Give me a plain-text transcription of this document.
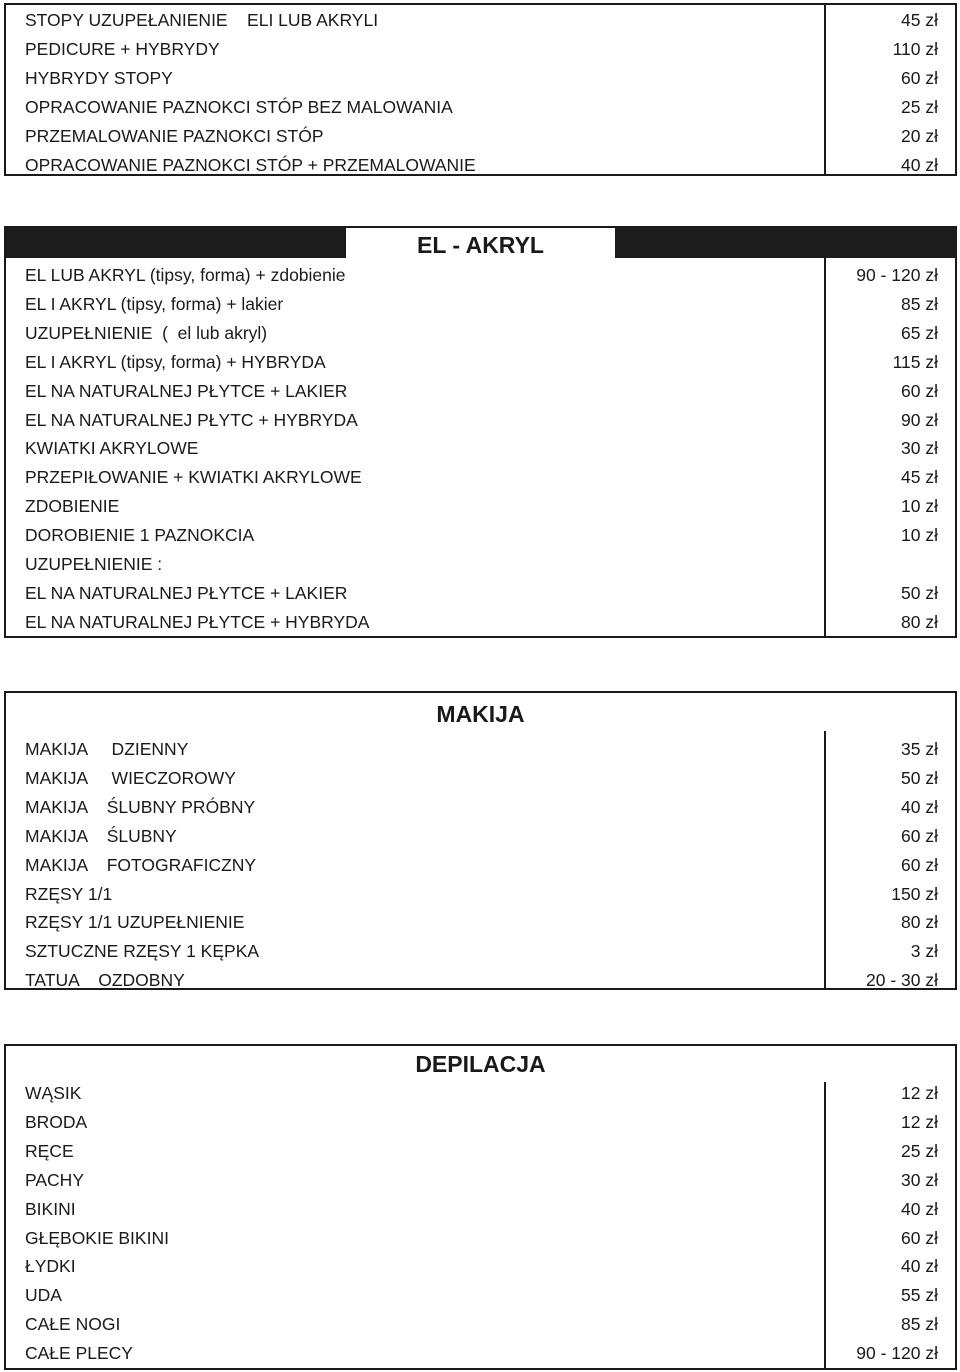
STOPY UZUPEŁANIENIE    ELI LUB AKRYLI	45 zł
PEDICURE + HYBRYDY	110 zł
HYBRYDY STOPY	60 zł
OPRACOWANIE PAZNOKCI STÓP BEZ MALOWANIA	25 zł
PRZEMALOWANIE PAZNOKCI STÓP	20 zł
OPRACOWANIE PAZNOKCI STÓP + PRZEMALOWANIE	40 zł
EL - AKRYL
EL LUB AKRYL (tipsy, forma) + zdobienie	90 - 120 zł
EL I AKRYL (tipsy, forma) + lakier	85 zł
UZUPEŁNIENIE  (  el lub akryl)	65 zł
EL I AKRYL (tipsy, forma) + HYBRYDA	115 zł
EL NA NATURALNEJ PŁYTCE + LAKIER	60 zł
EL NA NATURALNEJ PŁYTC + HYBRYDA	90 zł
KWIATKI AKRYLOWE	30 zł
PRZEPIŁOWANIE + KWIATKI AKRYLOWE	45 zł
ZDOBIENIE	10 zł
DOROBIENIE 1 PAZNOKCIA	10 zł
UZUPEŁNIENIE :
EL NA NATURALNEJ PŁYTCE + LAKIER	50 zł
EL NA NATURALNEJ PŁYTCE + HYBRYDA	80 zł
MAKIJA
MAKIJA     DZIENNY	35 zł
MAKIJA     WIECZOROWY	50 zł
MAKIJA    ŚLUBNY PRÓBNY	40 zł
MAKIJA    ŚLUBNY	60 zł
MAKIJA    FOTOGRAFICZNY	60 zł
RZĘSY 1/1	150 zł
RZĘSY 1/1 UZUPEŁNIENIE	80 zł
SZTUCZNE RZĘSY 1 KĘPKA	3 zł
TATUA    OZDOBNY	20 - 30 zł
DEPILACJA
WĄSIK	12 zł
BRODA	12 zł
RĘCE	25 zł
PACHY	30 zł
BIKINI	40 zł
GŁĘBOKIE BIKINI	60 zł
ŁYDKI	40 zł
UDA	55 zł
CAŁE NOGI	85 zł
CAŁE PLECY	90 - 120 zł
